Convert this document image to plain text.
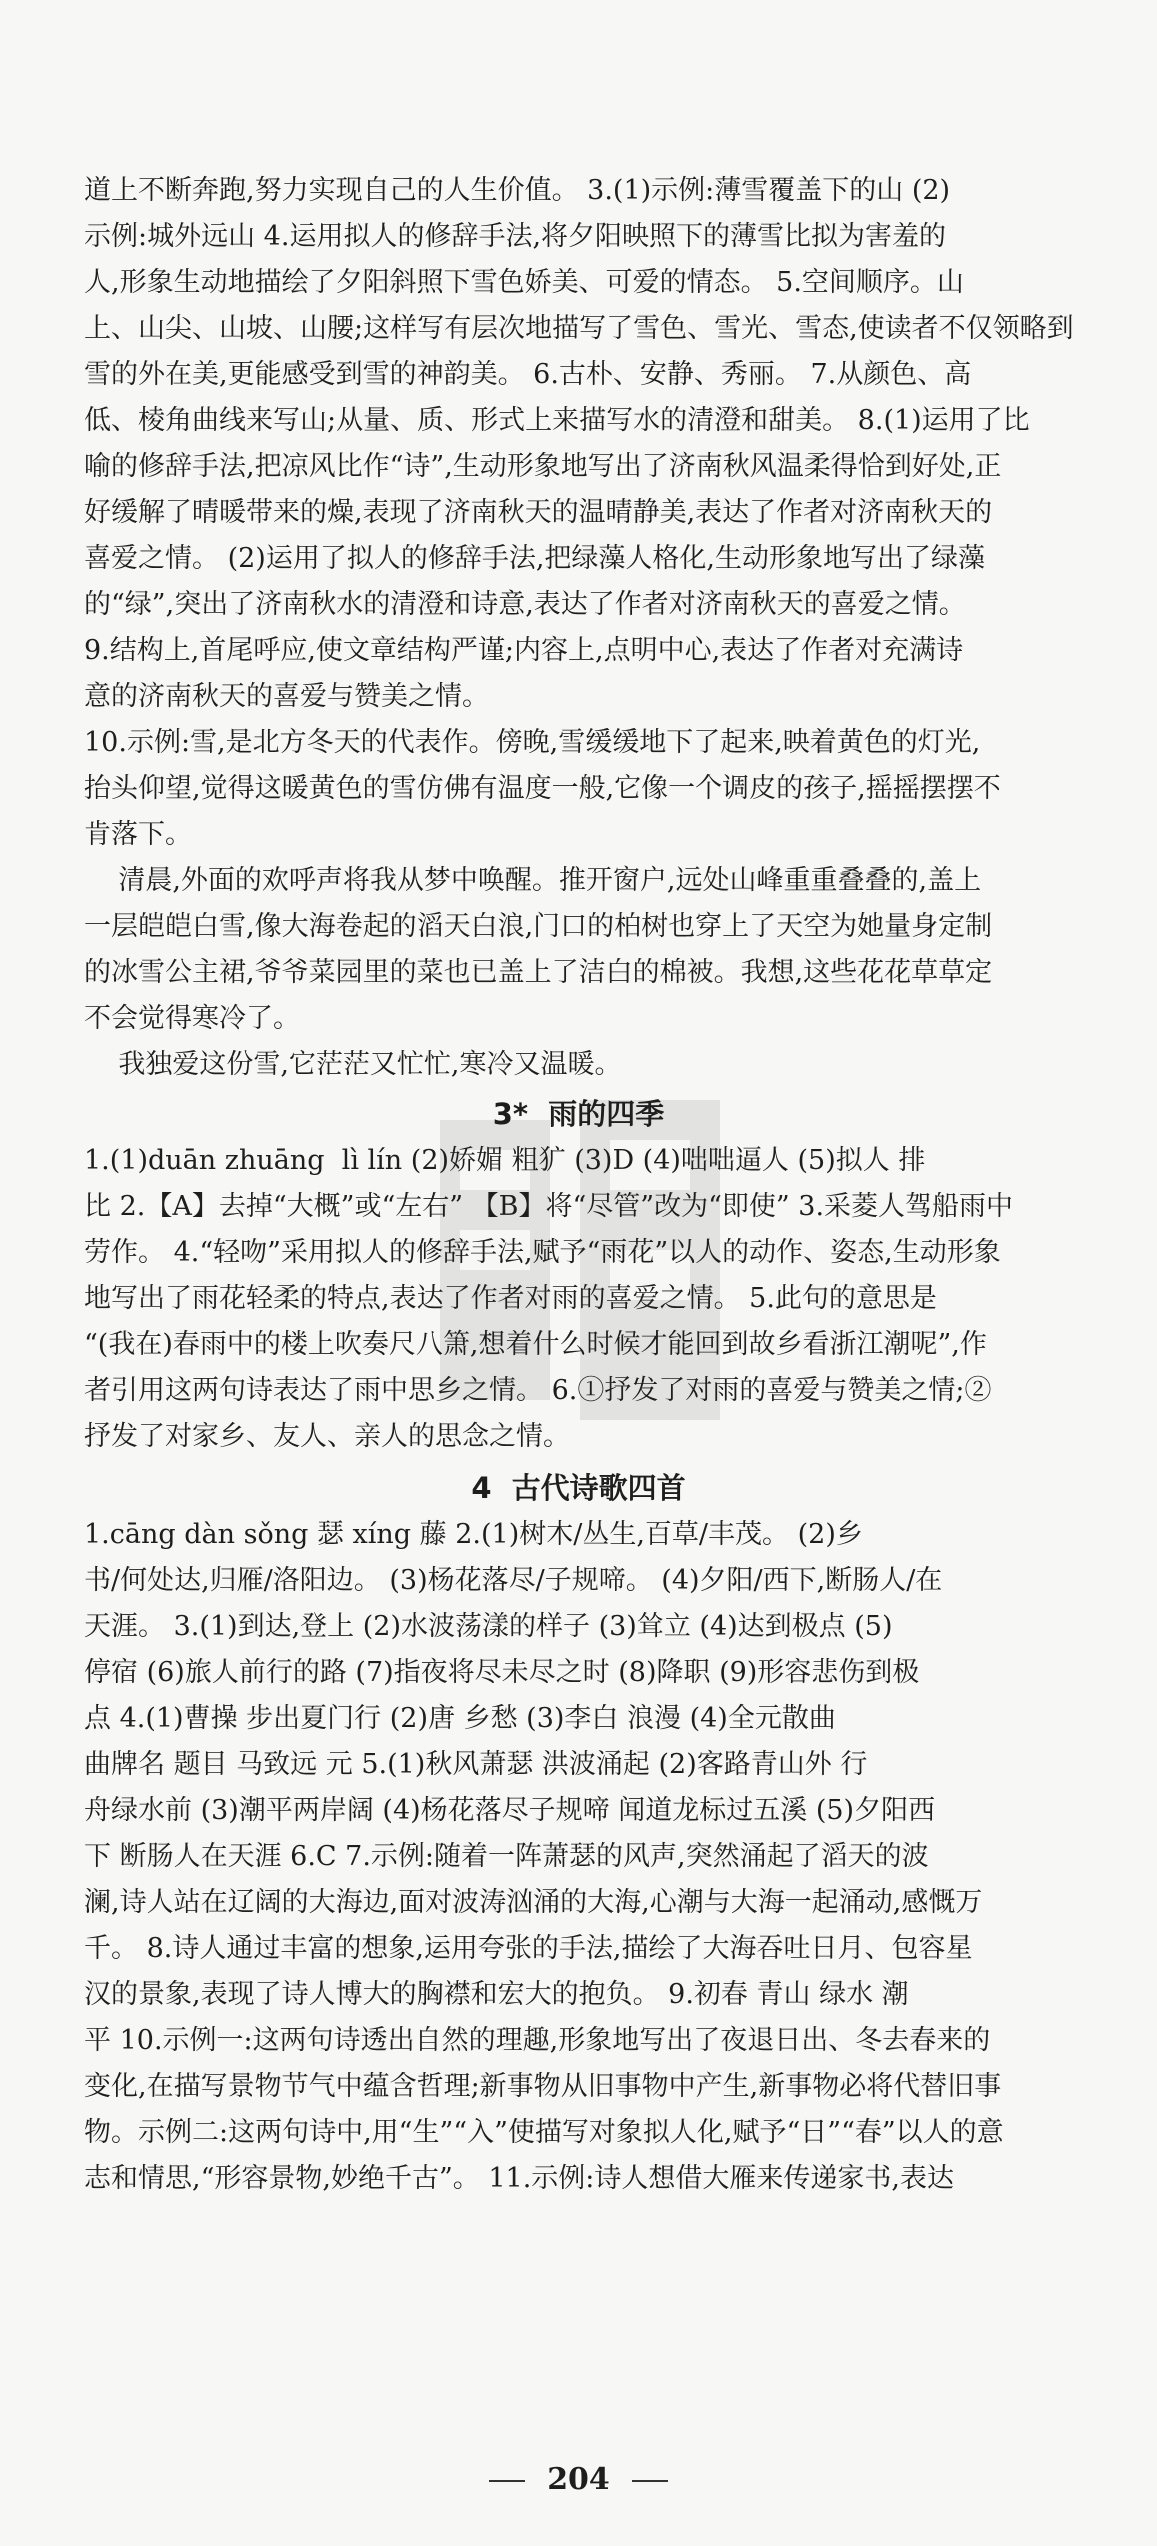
道上不断奔跑,努力实现自己的人生价值。 3.(1)示例:薄雪覆盖下的山 (2)
示例:城外远山 4.运用拟人的修辞手法,将夕阳映照下的薄雪比拟为害羞的
人,形象生动地描绘了夕阳斜照下雪色娇美、可爱的情态。 5.空间顺序。山
上、山尖、山坡、山腰;这样写有层次地描写了雪色、雪光、雪态,使读者不仅领略到
雪的外在美,更能感受到雪的神韵美。 6.古朴、安静、秀丽。 7.从颜色、高
低、棱角曲线来写山;从量、质、形式上来描写水的清澄和甜美。 8.(1)运用了比
喻的修辞手法,把凉风比作“诗”,生动形象地写出了济南秋风温柔得恰到好处,正
好缓解了晴暖带来的燥,表现了济南秋天的温晴静美,表达了作者对济南秋天的
喜爱之情。 (2)运用了拟人的修辞手法,把绿藻人格化,生动形象地写出了绿藻
的“绿”,突出了济南秋水的清澄和诗意,表达了作者对济南秋天的喜爱之情。
9.结构上,首尾呼应,使文章结构严谨;内容上,点明中心,表达了作者对充满诗
意的济南秋天的喜爱与赞美之情。
10.示例:雪,是北方冬天的代表作。傍晚,雪缓缓地下了起来,映着黄色的灯光,
抬头仰望,觉得这暖黄色的雪仿佛有温度一般,它像一个调皮的孩子,摇摇摆摆不
肯落下。
清晨,外面的欢呼声将我从梦中唤醒。推开窗户,远处山峰重重叠叠的,盖上
一层皑皑白雪,像大海卷起的滔天白浪,门口的柏树也穿上了天空为她量身定制
的冰雪公主裙,爷爷菜园里的菜也已盖上了洁白的棉被。我想,这些花花草草定
不会觉得寒冷了。
我独爱这份雪,它茫茫又忙忙,寒冷又温暖。
3*  雨的四季
1.(1)duān zhuāng  lì lín (2)娇媚 粗犷 (3)D (4)咄咄逼人 (5)拟人 排
比 2.【A】去掉“大概”或“左右” 【B】将“尽管”改为“即使” 3.采菱人驾船雨中
劳作。 4.“轻吻”采用拟人的修辞手法,赋予“雨花”以人的动作、姿态,生动形象
地写出了雨花轻柔的特点,表达了作者对雨的喜爱之情。 5.此句的意思是
“(我在)春雨中的楼上吹奏尺八箫,想着什么时候才能回到故乡看浙江潮呢”,作
者引用这两句诗表达了雨中思乡之情。 6.①抒发了对雨的喜爱与赞美之情;②
抒发了对家乡、友人、亲人的思念之情。
4  古代诗歌四首
1.cāng dàn sǒng 瑟 xíng 藤 2.(1)树木/丛生,百草/丰茂。 (2)乡
书/何处达,归雁/洛阳边。 (3)杨花落尽/子规啼。 (4)夕阳/西下,断肠人/在
天涯。 3.(1)到达,登上 (2)水波荡漾的样子 (3)耸立 (4)达到极点 (5)
停宿 (6)旅人前行的路 (7)指夜将尽未尽之时 (8)降职 (9)形容悲伤到极
点 4.(1)曹操 步出夏门行 (2)唐 乡愁 (3)李白 浪漫 (4)全元散曲
曲牌名 题目 马致远 元 5.(1)秋风萧瑟 洪波涌起 (2)客路青山外 行
舟绿水前 (3)潮平两岸阔 (4)杨花落尽子规啼 闻道龙标过五溪 (5)夕阳西
下 断肠人在天涯 6.C 7.示例:随着一阵萧瑟的风声,突然涌起了滔天的波
澜,诗人站在辽阔的大海边,面对波涛汹涌的大海,心潮与大海一起涌动,感慨万
千。 8.诗人通过丰富的想象,运用夸张的手法,描绘了大海吞吐日月、包容星
汉的景象,表现了诗人博大的胸襟和宏大的抱负。 9.初春 青山 绿水 潮
平 10.示例一:这两句诗透出自然的理趣,形象地写出了夜退日出、冬去春来的
变化,在描写景物节气中蕴含哲理;新事物从旧事物中产生,新事物必将代替旧事
物。示例二:这两句诗中,用“生”“入”使描写对象拟人化,赋予“日”“春”以人的意
志和情思,“形容景物,妙绝千古”。 11.示例:诗人想借大雁来传递家书,表达
204
